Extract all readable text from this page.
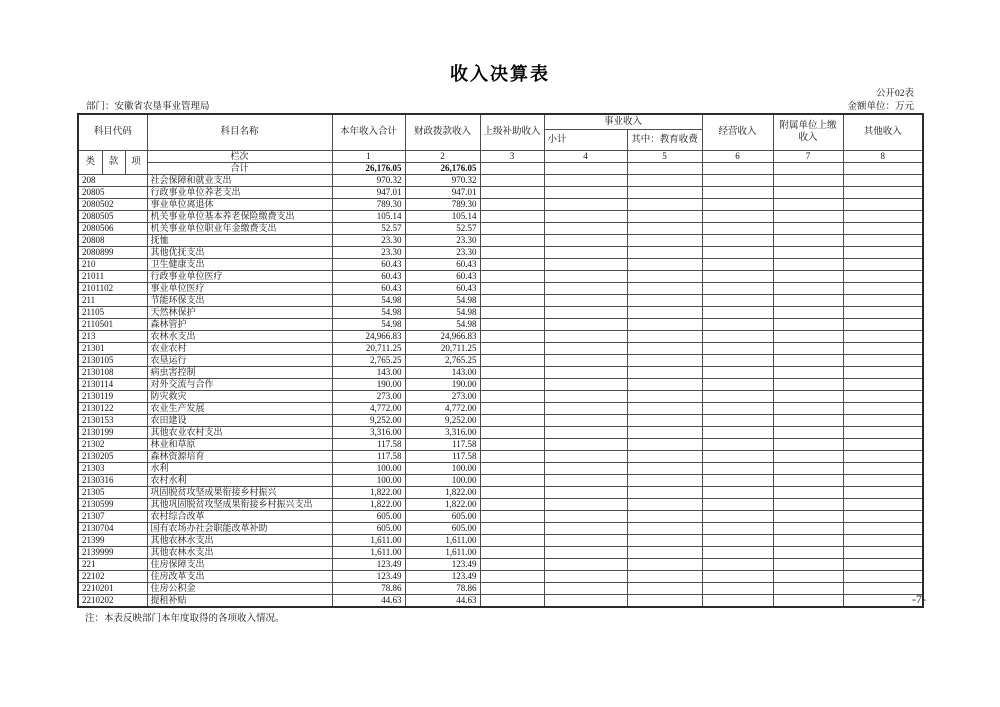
收入决算表
公开02表
部门：安徽省农垦事业管理局	金额单位：万元
科目代码			科目名称	本年收入合计	财政拨款收入	上级补助收入	事业收入		经营收入	附属单位上缴收入	其他收入
							小计	其中：教育收费			
类	款	项	栏次	1	2	3	4	5	6	7	8
			合计	26,176.05	26,176.05						
208			社会保障和就业支出	970.32	970.32						
20805			行政事业单位养老支出	947.01	947.01						
2080502			事业单位离退休	789.30	789.30						
2080505			机关事业单位基本养老保险缴费支出	105.14	105.14						
2080506			机关事业单位职业年金缴费支出	52.57	52.57						
20808			抚恤	23.30	23.30						
2080899			其他优抚支出	23.30	23.30						
210			卫生健康支出	60.43	60.43						
21011			行政事业单位医疗	60.43	60.43						
2101102			事业单位医疗	60.43	60.43						
211			节能环保支出	54.98	54.98						
21105			天然林保护	54.98	54.98						
2110501			森林管护	54.98	54.98						
213			农林水支出	24,966.83	24,966.83						
21301			农业农村	20,711.25	20,711.25						
2130105			农垦运行	2,765.25	2,765.25						
2130108			病虫害控制	143.00	143.00						
2130114			对外交流与合作	190.00	190.00						
2130119			防灾救灾	273.00	273.00						
2130122			农业生产发展	4,772.00	4,772.00						
2130153			农田建设	9,252.00	9,252.00						
2130199			其他农业农村支出	3,316.00	3,316.00						
21302			林业和草原	117.58	117.58						
2130205			森林资源培育	117.58	117.58						
21303			水利	100.00	100.00						
2130316			农村水利	100.00	100.00						
21305			巩固脱贫攻坚成果衔接乡村振兴	1,822.00	1,822.00						
2130599			其他巩固脱贫攻坚成果衔接乡村振兴支出	1,822.00	1,822.00						
21307			农村综合改革	605.00	605.00						
2130704			国有农场办社会职能改革补助	605.00	605.00						
21399			其他农林水支出	1,611.00	1,611.00						
2139999			其他农林水支出	1,611.00	1,611.00						
221			住房保障支出	123.49	123.49						
22102			住房改革支出	123.49	123.49						
2210201			住房公积金	78.86	78.86						
2210202			提租补贴	44.63	44.63						
注：本表反映部门本年度取得的各项收入情况。
-7-
